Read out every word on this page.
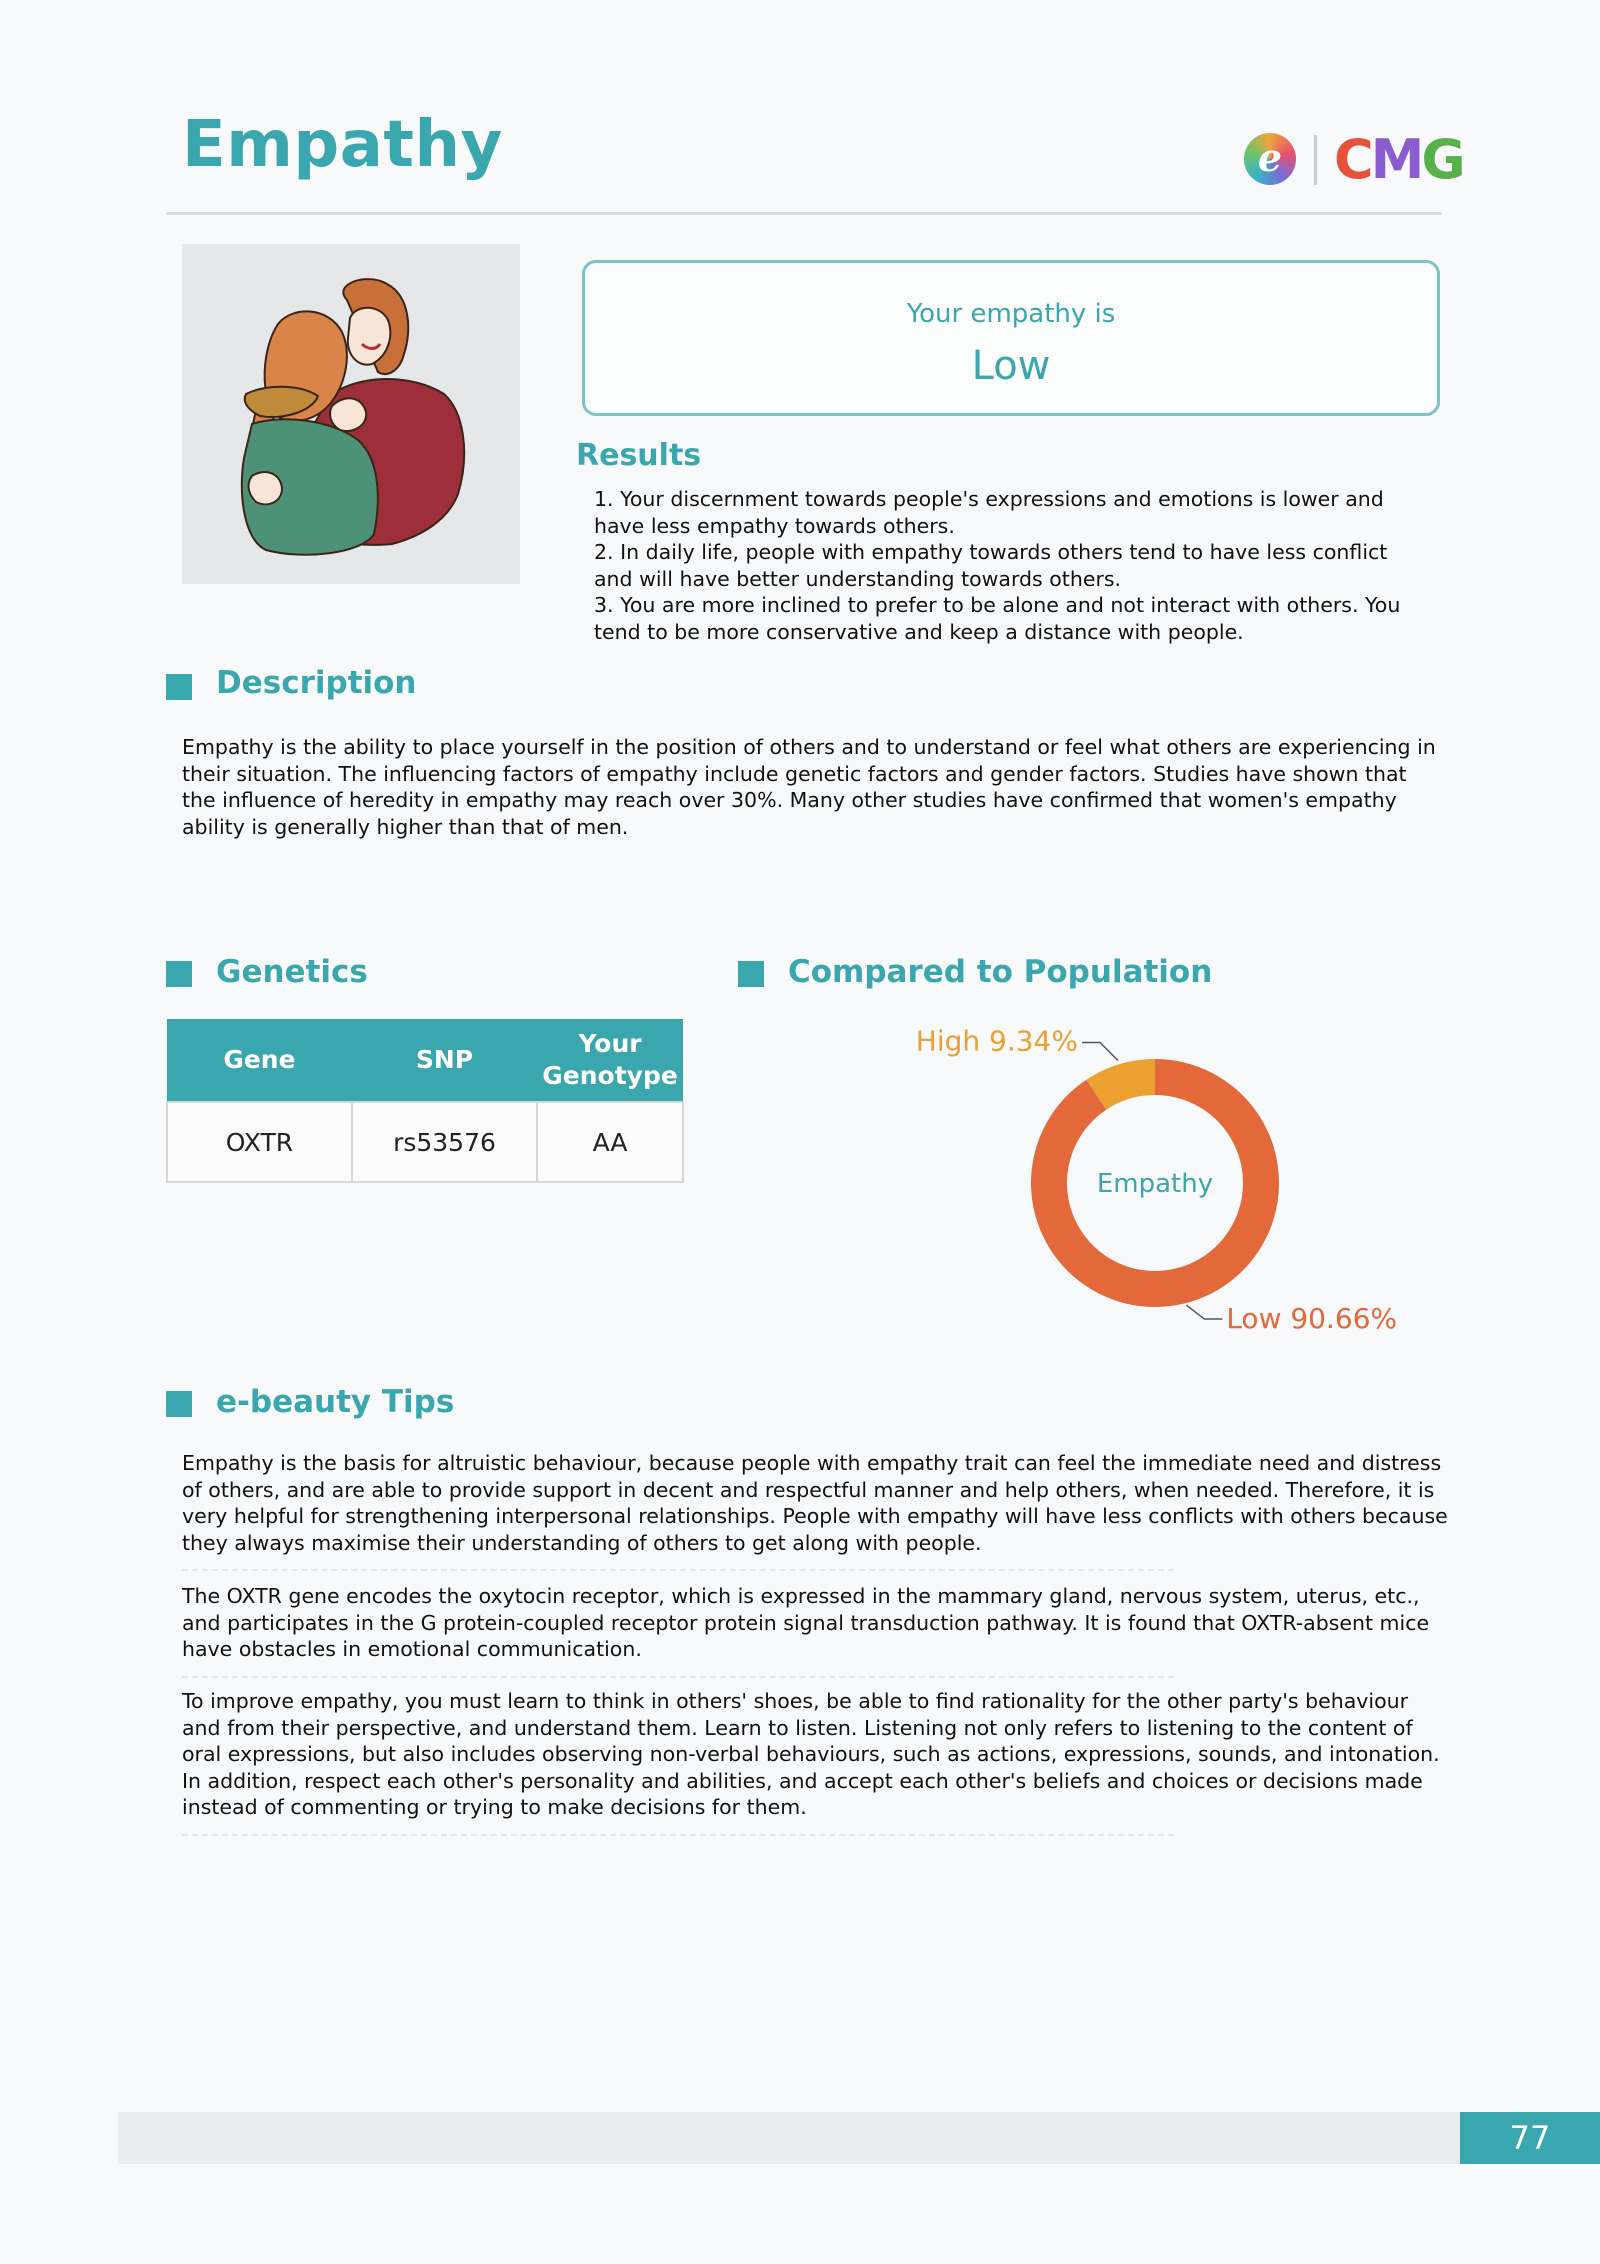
Empathy	e CMG
Your empathy is
Low
Results

1. Your discernment towards people's expressions and emotions is lower and have less empathy towards others.

2. In daily life, people with empathy towards others tend to have less conflict and will have better understanding towards others.

3. You are more inclined to prefer to be alone and not interact with others. You tend to be more conservative and keep a distance with people.

Description

Empathy is the ability to place yourself in the position of others and to understand or feel what others are experiencing in their situation. The influencing factors of empathy include genetic factors and gender factors. Studies have shown that the influence of heredity in empathy may reach over 30%. Many other studies have confirmed that women's empathy ability is generally higher than that of men.

Genetics
Gene	SNP	Your
Genotype
OXTR	rs53576	AA
Compared to Population
Empathy
High 9.34%
Low 90.66%
e-beauty Tips

Empathy is the basis for altruistic behaviour, because people with empathy trait can feel the immediate need and distress of others, and are able to provide support in decent and respectful manner and help others, when needed. Therefore, it is very helpful for strengthening interpersonal relationships. People with empathy will have less conflicts with others because they always maximise their understanding of others to get along with people.

The OXTR gene encodes the oxytocin receptor, which is expressed in the mammary gland, nervous system, uterus, etc., and participates in the G protein-coupled receptor protein signal transduction pathway. It is found that OXTR-absent mice have obstacles in emotional communication.

To improve empathy, you must learn to think in others' shoes, be able to find rationality for the other party's behaviour and from their perspective, and understand them. Learn to listen. Listening not only refers to listening to the content of oral expressions, but also includes observing non-verbal behaviours, such as actions, expressions, sounds, and intonation. In addition, respect each other's personality and abilities, and accept each other's beliefs and choices or decisions made instead of commenting or trying to make decisions for them.

77
